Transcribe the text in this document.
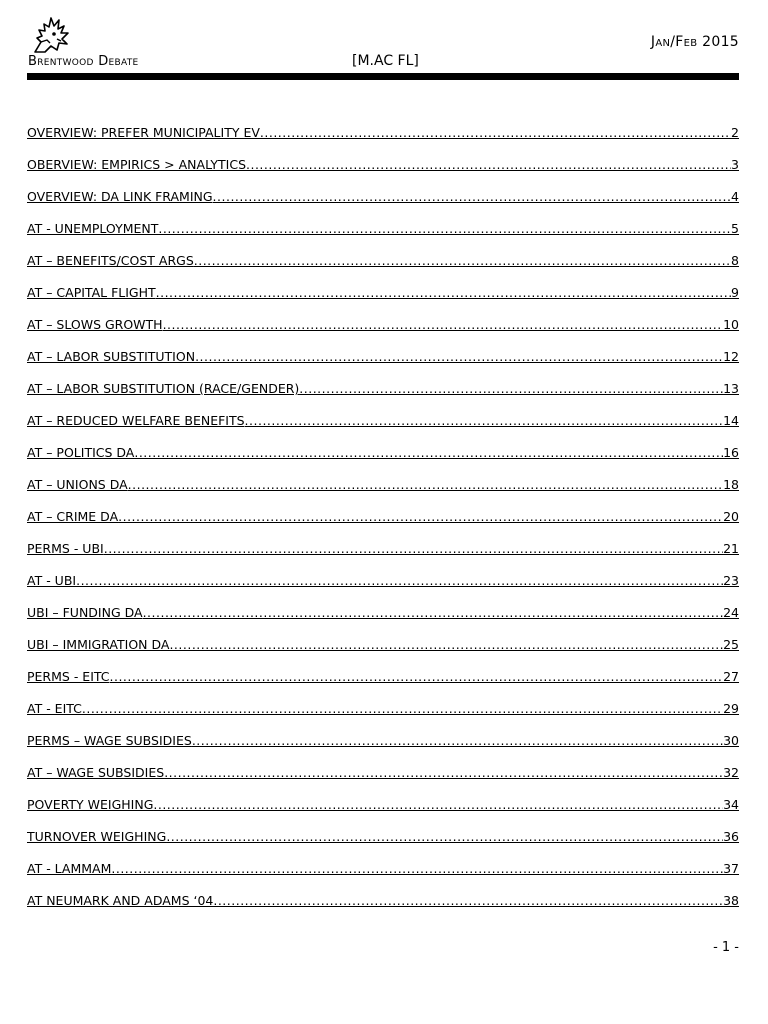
Brentwood Debate	[M.AC FL]
Jan/Feb 2015
OVERVIEW: PREFER MUNICIPALITY EV .....	2
OBERVIEW: EMPIRICS > ANALYTICS .....	3
OVERVIEW: DA LINK FRAMING .....	4
AT - UNEMPLOYMENT .....	5
AT – BENEFITS/COST ARGS .....	8
AT – CAPITAL FLIGHT .....	9
AT – SLOWS GROWTH .....	10
AT – LABOR SUBSTITUTION .....	12
AT – LABOR SUBSTITUTION (RACE/GENDER) .....	13
AT – REDUCED WELFARE BENEFITS .....	14
AT – POLITICS DA .....	16
AT – UNIONS DA .....	18
AT – CRIME DA .....	20
PERMS - UBI .....	21
AT - UBI .....	23
UBI – FUNDING DA .....	24
UBI – IMMIGRATION DA .....	25
PERMS - EITC .....	27
AT - EITC .....	29
PERMS – WAGE SUBSIDIES .....	30
AT – WAGE SUBSIDIES .....	32
POVERTY WEIGHING .....	34
TURNOVER WEIGHING .....	36
AT - LAMMAM .....	37
AT NEUMARK AND ADAMS ‘04 .....	38
- 1 -
